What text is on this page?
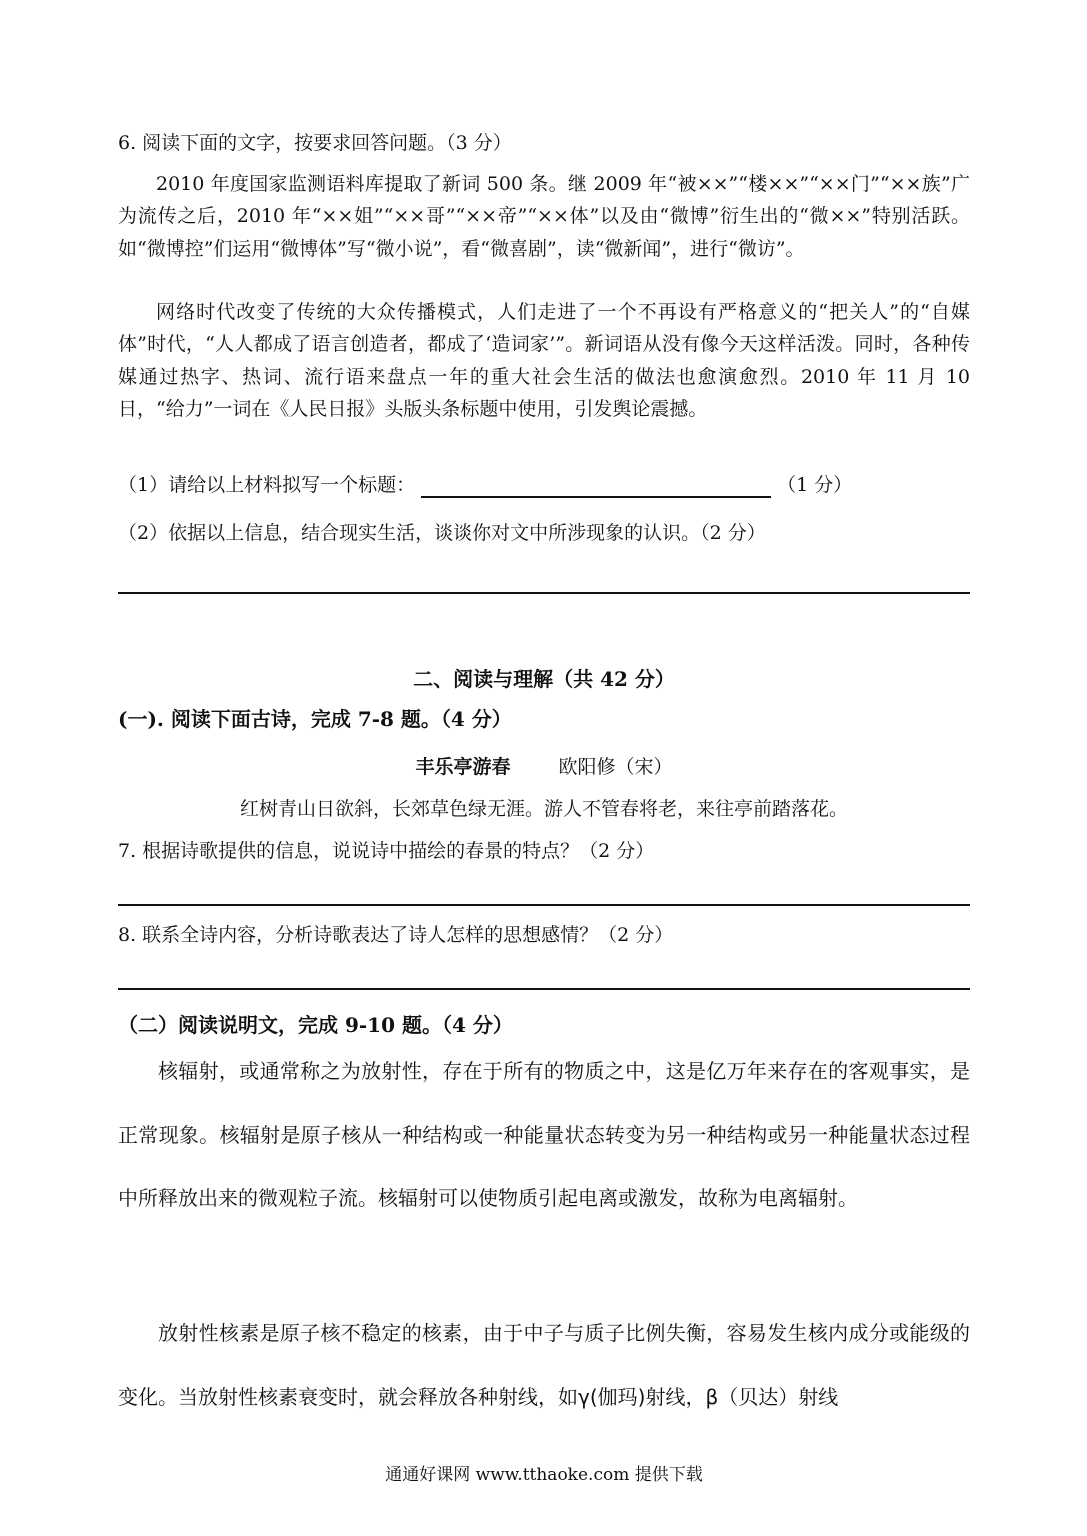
6. 阅读下面的文字，按要求回答问题。（3 分）
2010 年度国家监测语料库提取了新词 500 条。继 2009 年“被××”“楼××”“××门”“××族”广为流传之后，2010 年“××姐”“××哥”“××帝”“××体”以及由“微博”衍生出的“微××”特别活跃。如“微博控”们运用“微博体”写“微小说”，看“微喜剧”，读“微新闻”，进行“微访”。
网络时代改变了传统的大众传播模式，人们走进了一个不再设有严格意义的“把关人”的“自媒体”时代，“人人都成了语言创造者，都成了‘造词家’”。新词语从没有像今天这样活泼。同时，各种传媒通过热字、热词、流行语来盘点一年的重大社会生活的做法也愈演愈烈。2010 年 11 月 10 日，“给力”一词在《人民日报》头版头条标题中使用，引发舆论震撼。
（1）请给以上材料拟写一个标题：	（1 分）
（2）依据以上信息，结合现实生活，谈谈你对文中所涉现象的认识。（2 分）
二、阅读与理解（共 42 分）
(一). 阅读下面古诗，完成 7-8 题。（4 分）
丰乐亭游春	欧阳修（宋）
红树青山日欲斜，长郊草色绿无涯。游人不管春将老，来往亭前踏落花。
7. 根据诗歌提供的信息，说说诗中描绘的春景的特点？（2 分）
8. 联系全诗内容，分析诗歌表达了诗人怎样的思想感情？（2 分）
（二）阅读说明文，完成 9-10 题。（4 分）
核辐射，或通常称之为放射性，存在于所有的物质之中，这是亿万年来存在的客观事实，是正常现象。核辐射是原子核从一种结构或一种能量状态转变为另一种结构或另一种能量状态过程中所释放出来的微观粒子流。核辐射可以使物质引起电离或激发，故称为电离辐射。
放射性核素是原子核不稳定的核素，由于中子与质子比例失衡，容易发生核内成分或能级的变化。当放射性核素衰变时，就会释放各种射线，如γ(伽玛)射线，β（贝达）射线
通通好课网 www.tthaoke.com 提供下载
